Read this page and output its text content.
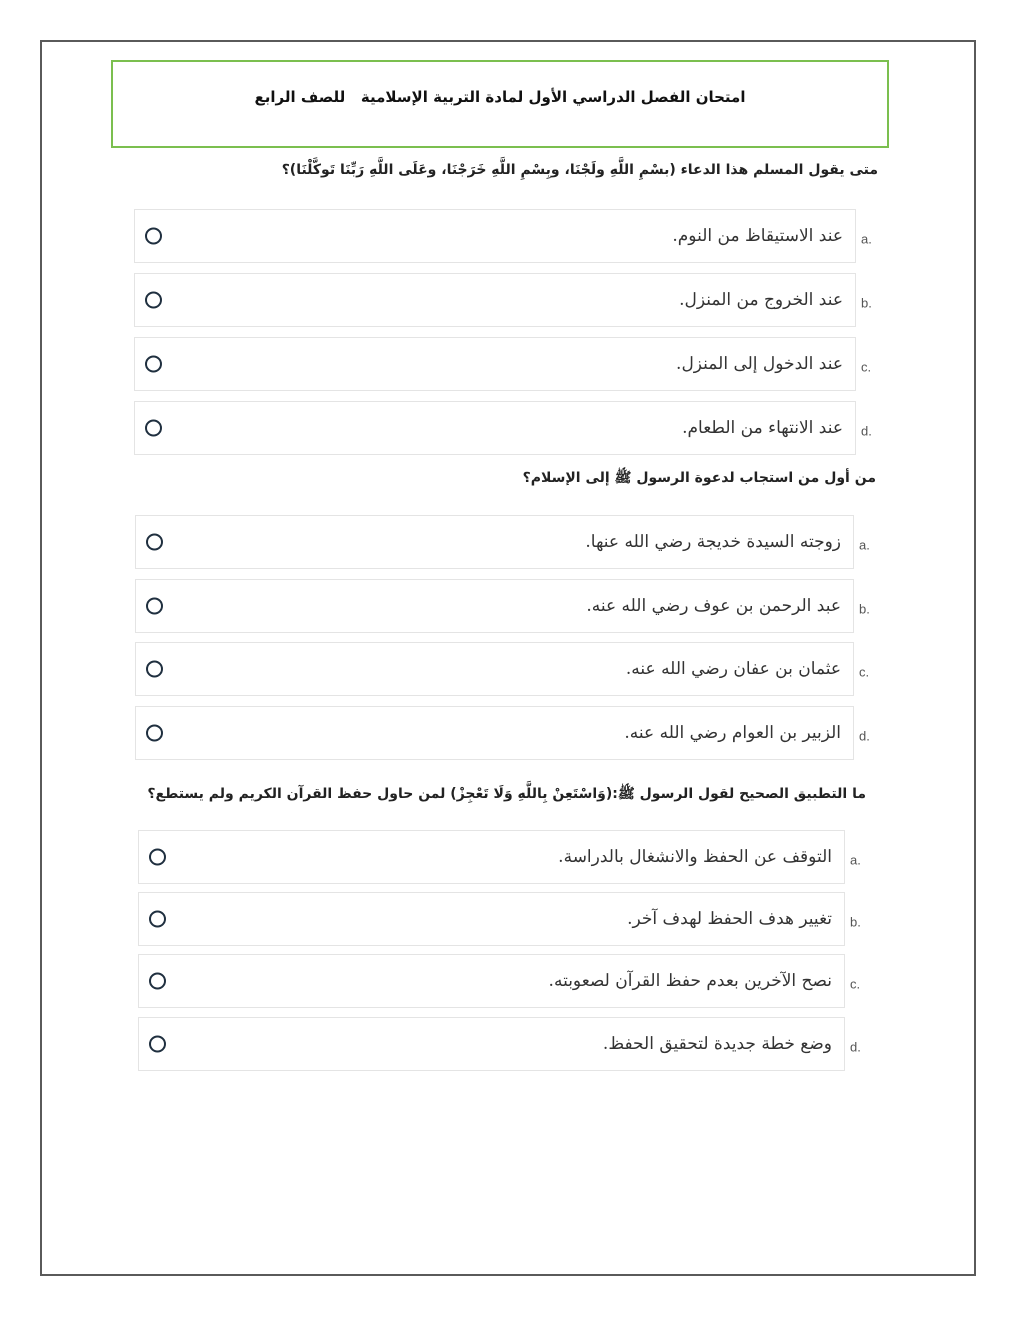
امتحان الفصل الدراسي الأول لمادة التربية الإسلامية   للصف الرابع
متى يقول المسلم هذا الدعاء (بسْمِ اللَّهِ ولَجْنَا، وبِسْمِ اللَّهِ خَرَجْنَا، وعَلَى اللَّهِ رَبِّنَا تَوكَّلْنَا)؟
عند الاستيقاظ من النوم. a.
عند الخروج من المنزل. b.
عند الدخول إلى المنزل. c.
عند الانتهاء من الطعام. d.
من أول من استجاب لدعوة الرسول ﷺ إلى الإسلام؟
زوجته السيدة خديجة رضي الله عنها. a.
عبد الرحمن بن عوف رضي الله عنه. b.
عثمان بن عفان رضي الله عنه. c.
الزبير بن العوام رضي الله عنه. d.
ما التطبيق الصحيح لقول الرسول ﷺ:(وَاسْتَعِنْ بِاللَّهِ وَلَا تَعْجِزْ) لمن حاول حفظ القرآن الكريم ولم يستطع؟
التوقف عن الحفظ والانشغال بالدراسة. a.
تغيير هدف الحفظ لهدف آخر. b.
نصح الآخرين بعدم حفظ القرآن لصعوبته. c.
وضع خطة جديدة لتحقيق الحفظ. d.
